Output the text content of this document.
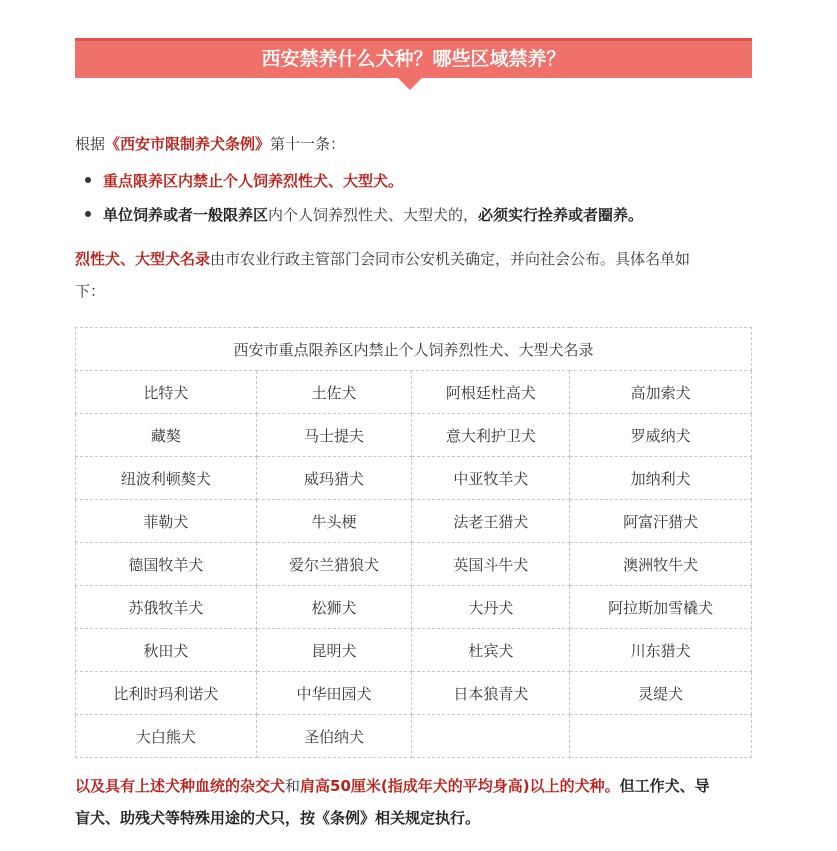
西安禁养什么犬种？哪些区域禁养？
根据《西安市限制养犬条例》第十一条：
重点限养区内禁止个人饲养烈性犬、大型犬。
单位饲养或者一般限养区内个人饲养烈性犬、大型犬的，必须实行拴养或者圈养。
烈性犬、大型犬名录由市农业行政主管部门会同市公安机关确定，并向社会公布。具体名单如
下：
西安市重点限养区内禁止个人饲养烈性犬、大型犬名录			
比特犬	土佐犬	阿根廷杜高犬	高加索犬
藏獒	马士提夫	意大利护卫犬	罗威纳犬
纽波利顿獒犬	威玛猎犬	中亚牧羊犬	加纳利犬
菲勒犬	牛头梗	法老王猎犬	阿富汗猎犬
德国牧羊犬	爱尔兰猎狼犬	英国斗牛犬	澳洲牧牛犬
苏俄牧羊犬	松狮犬	大丹犬	阿拉斯加雪橇犬
秋田犬	昆明犬	杜宾犬	川东猎犬
比利时玛利诺犬	中华田园犬	日本狼青犬	灵缇犬
大白熊犬	圣伯纳犬		
以及具有上述犬种血统的杂交犬和肩高50厘米(指成年犬的平均身高)以上的犬种。但工作犬、导
盲犬、助残犬等特殊用途的犬只，按《条例》相关规定执行。
